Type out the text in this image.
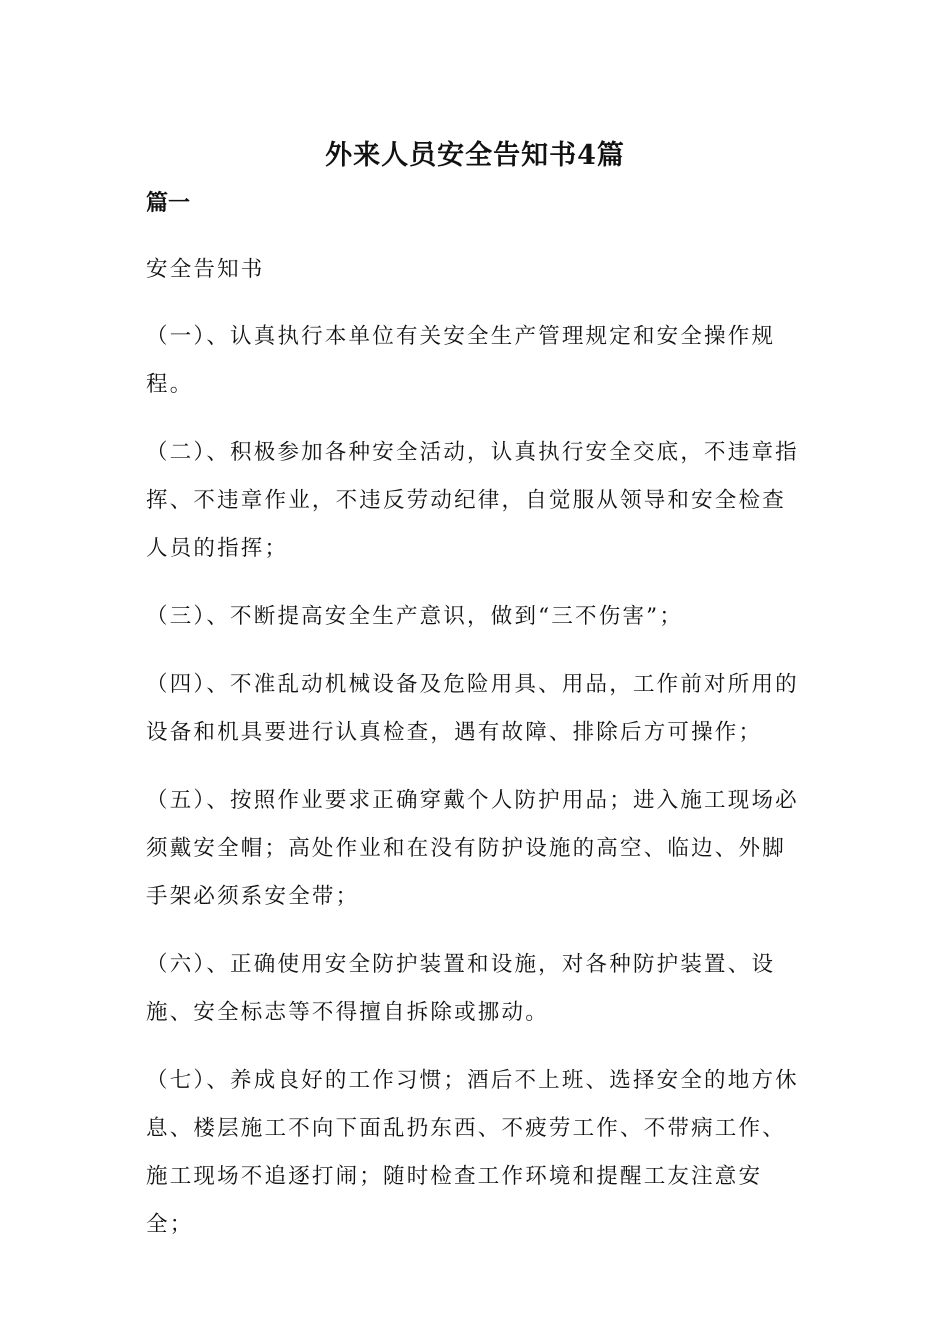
外来人员安全告知书4篇
篇一

安全告知书

（一）、认真执行本单位有关安全生产管理规定和安全操作规程。

（二）、积极参加各种安全活动，认真执行安全交底，不违章指挥、不违章作业，不违反劳动纪律，自觉服从领导和安全检查人员的指挥；

（三）、不断提高安全生产意识，做到“三不伤害”；

（四）、不准乱动机械设备及危险用具、用品，工作前对所用的设备和机具要进行认真检查，遇有故障、排除后方可操作；

（五）、按照作业要求正确穿戴个人防护用品；进入施工现场必须戴安全帽；高处作业和在没有防护设施的高空、临边、外脚手架必须系安全带；

（六）、正确使用安全防护装置和设施，对各种防护装置、设施、安全标志等不得擅自拆除或挪动。

（七）、养成良好的工作习惯；酒后不上班、选择安全的地方休息、楼层施工不向下面乱扔东西、不疲劳工作、不带病工作、施工现场不追逐打闹；随时检查工作环境和提醒工友注意安全；
